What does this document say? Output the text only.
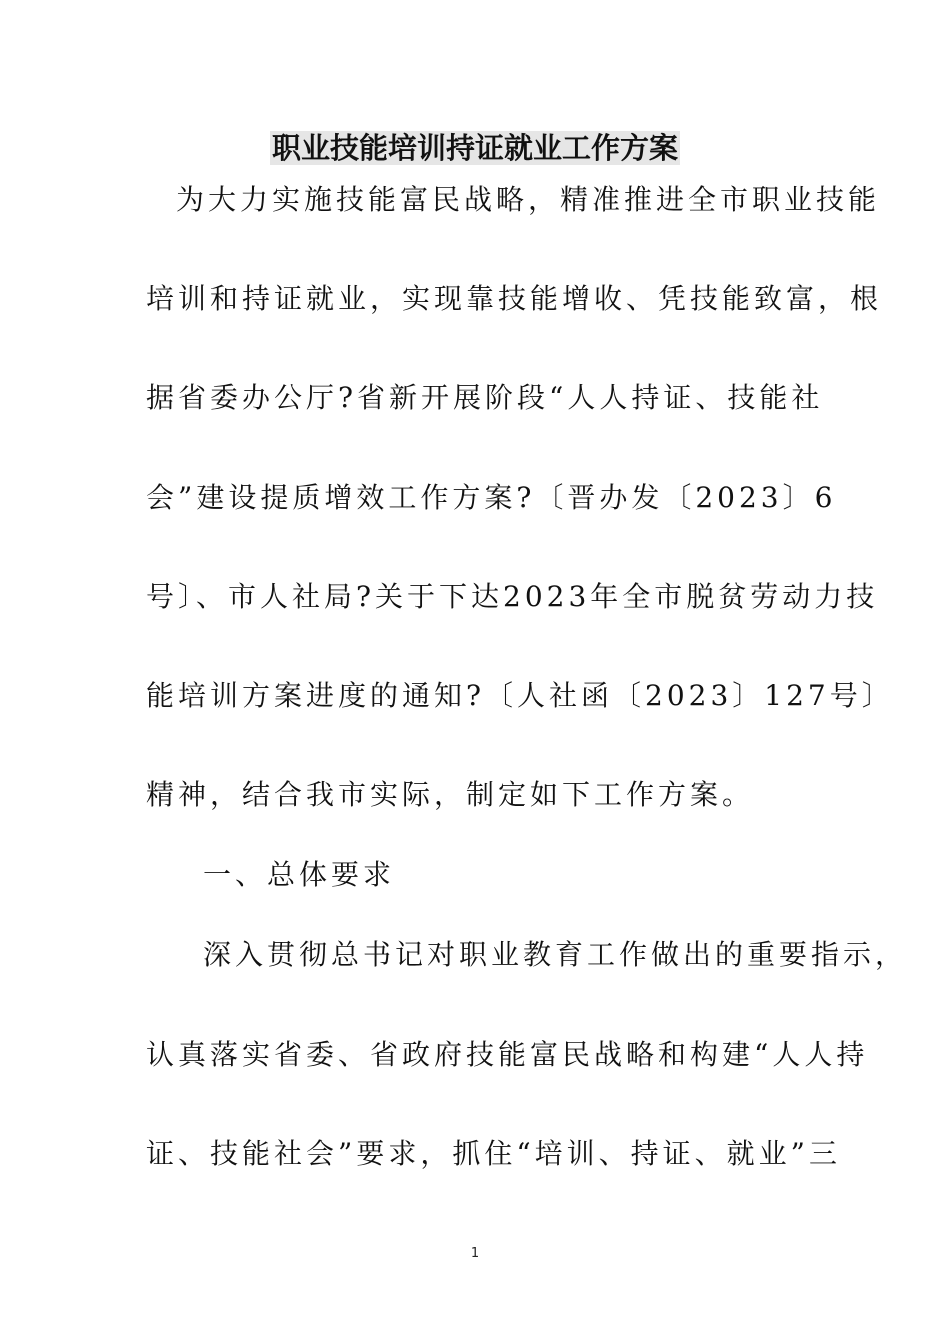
职业技能培训持证就业工作方案
为大力实施技能富民战略，精准推进全市职业技能
培训和持证就业，实现靠技能增收、凭技能致富，根
据省委办公厅?省新开展阶段“人人持证、技能社
会”建设提质增效工作方案?〔晋办发〔2023〕6
号〕、市人社局?关于下达2023年全市脱贫劳动力技
能培训方案进度的通知?〔人社函〔2023〕127号〕
精神，结合我市实际，制定如下工作方案。
一、总体要求
深入贯彻总书记对职业教育工作做出的重要指示，
认真落实省委、省政府技能富民战略和构建“人人持
证、技能社会”要求，抓住“培训、持证、就业”三
1
